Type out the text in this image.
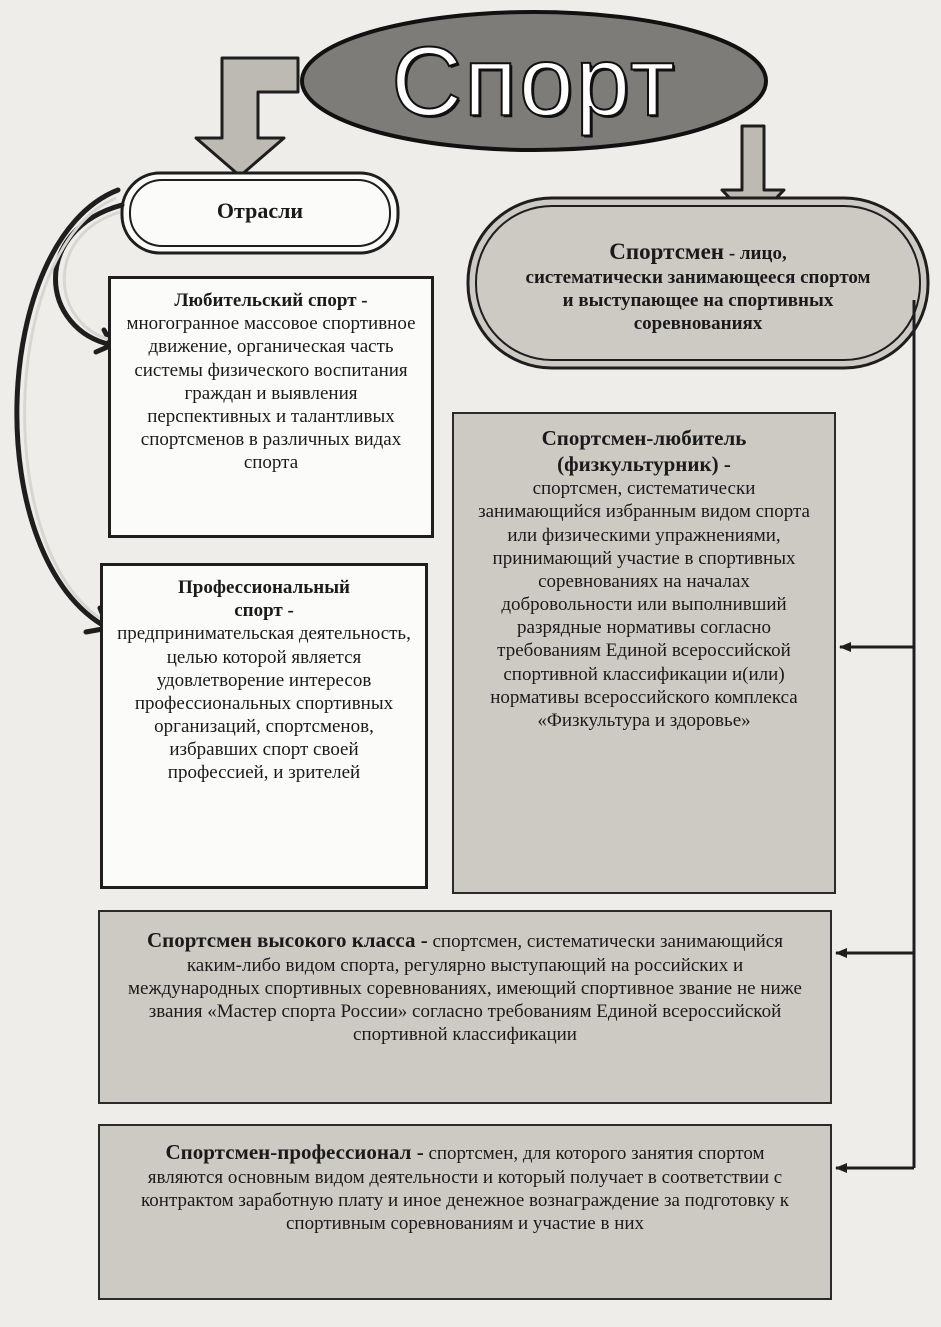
Спорт
Отрасли
Любительский спорт -
многогранное массовое спортивное движение, органическая часть системы физического воспитания граждан и выявления перспективных и талантливых спортсменов в различных видах спорта
Профессиональный
спорт -
предпринимательская деятельность, целью которой является удовлетворение интересов профессиональных спортивных организаций, спортсменов, избравших спорт своей профессией, и зрителей
Спортсмен - лицо,
систематически занимающееся спортом и выступающее на спортивных соревнованиях
Спортсмен-любитель
(физкультурник) -
спортсмен, систематически занимающийся избранным видом спорта или физическими упражнениями, принимающий участие в спортивных соревнованиях на началах добровольности или выполнивший разрядные нормативы согласно требованиям Единой всероссийской спортивной классификации и(или) нормативы всероссийского комплекса «Физкультура и здоровье»
Спортсмен высокого класса - спортсмен, систематически занимающийся каким-либо видом спорта, регулярно выступающий на российских и международных спортивных соревнованиях, имеющий спортивное звание не ниже звания «Мастер спорта России» согласно требованиям Единой всероссийской спортивной классификации
Спортсмен-профессионал - спортсмен, для которого занятия спортом являются основным видом деятельности и который получает в соответствии с контрактом заработную плату и иное денежное вознаграждение за подготовку к спортивным соревнованиям и участие в них
